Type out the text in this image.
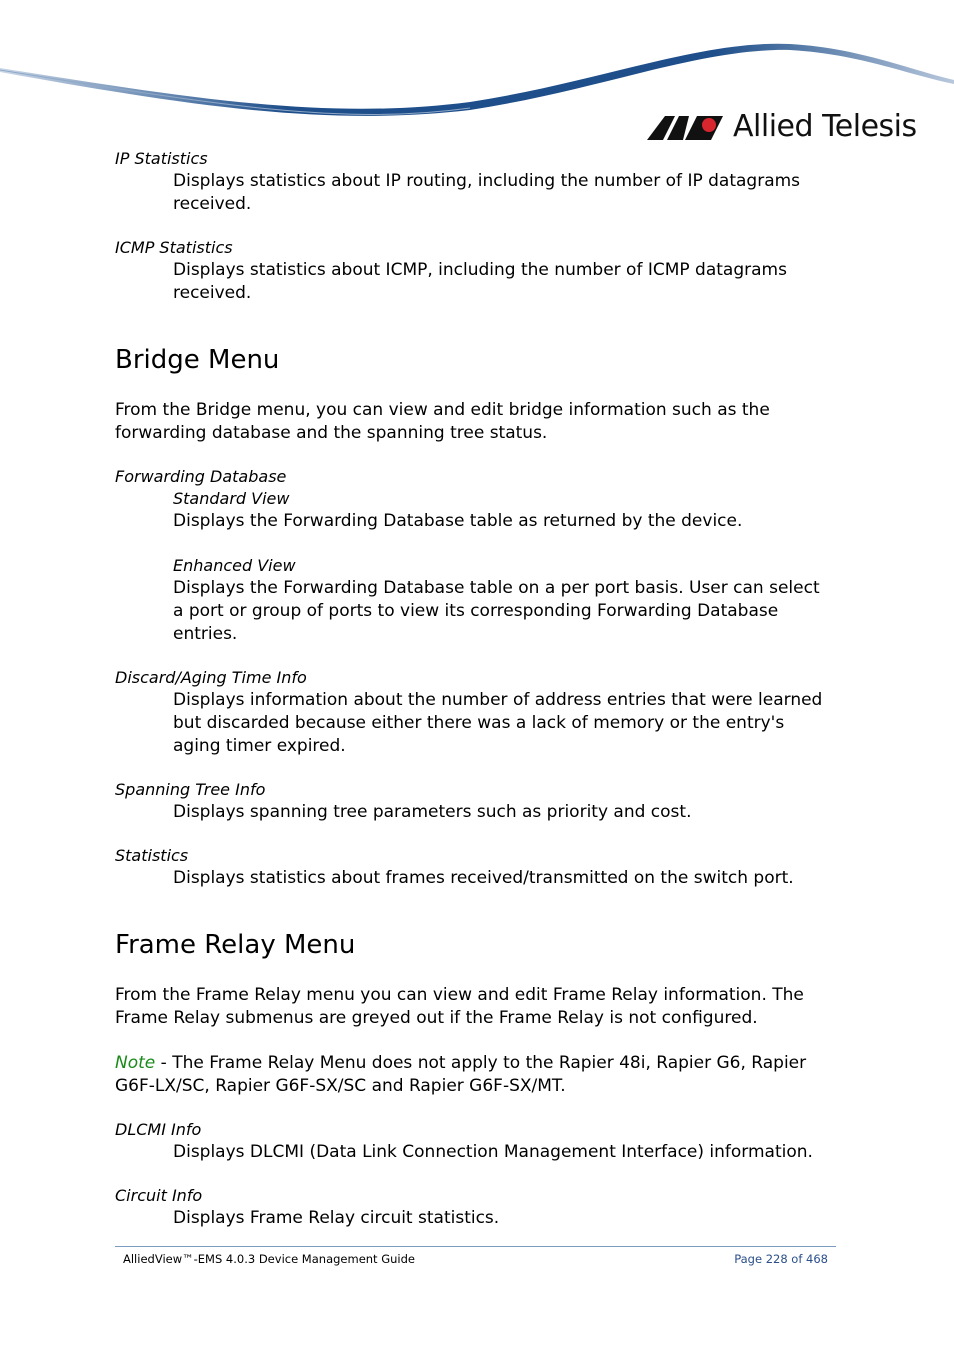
Allied Telesis

IP Statistics

Displays statistics about IP routing, including the number of IP datagrams received.

ICMP Statistics

Displays statistics about ICMP, including the number of ICMP datagrams received.

Bridge Menu

From the Bridge menu, you can view and edit bridge information such as the forwarding database and the spanning tree status.

Forwarding Database

Standard View

Displays the Forwarding Database table as returned by the device.

Enhanced View

Displays the Forwarding Database table on a per port basis. User can select a port or group of ports to view its corresponding Forwarding Database entries.

Discard/Aging Time Info

Displays information about the number of address entries that were learned but discarded because either there was a lack of memory or the entry's aging timer expired.

Spanning Tree Info

Displays spanning tree parameters such as priority and cost.

Statistics

Displays statistics about frames received/transmitted on the switch port.

Frame Relay Menu

From the Frame Relay menu you can view and edit Frame Relay information. The Frame Relay submenus are greyed out if the Frame Relay is not configured.

Note - The Frame Relay Menu does not apply to the Rapier 48i, Rapier G6, Rapier G6F-LX/SC, Rapier G6F-SX/SC and Rapier G6F-SX/MT.

DLCMI Info

Displays DLCMI (Data Link Connection Management Interface) information.

Circuit Info

Displays Frame Relay circuit statistics.

AlliedView™-EMS 4.0.3 Device Management Guide	Page 228 of 468
